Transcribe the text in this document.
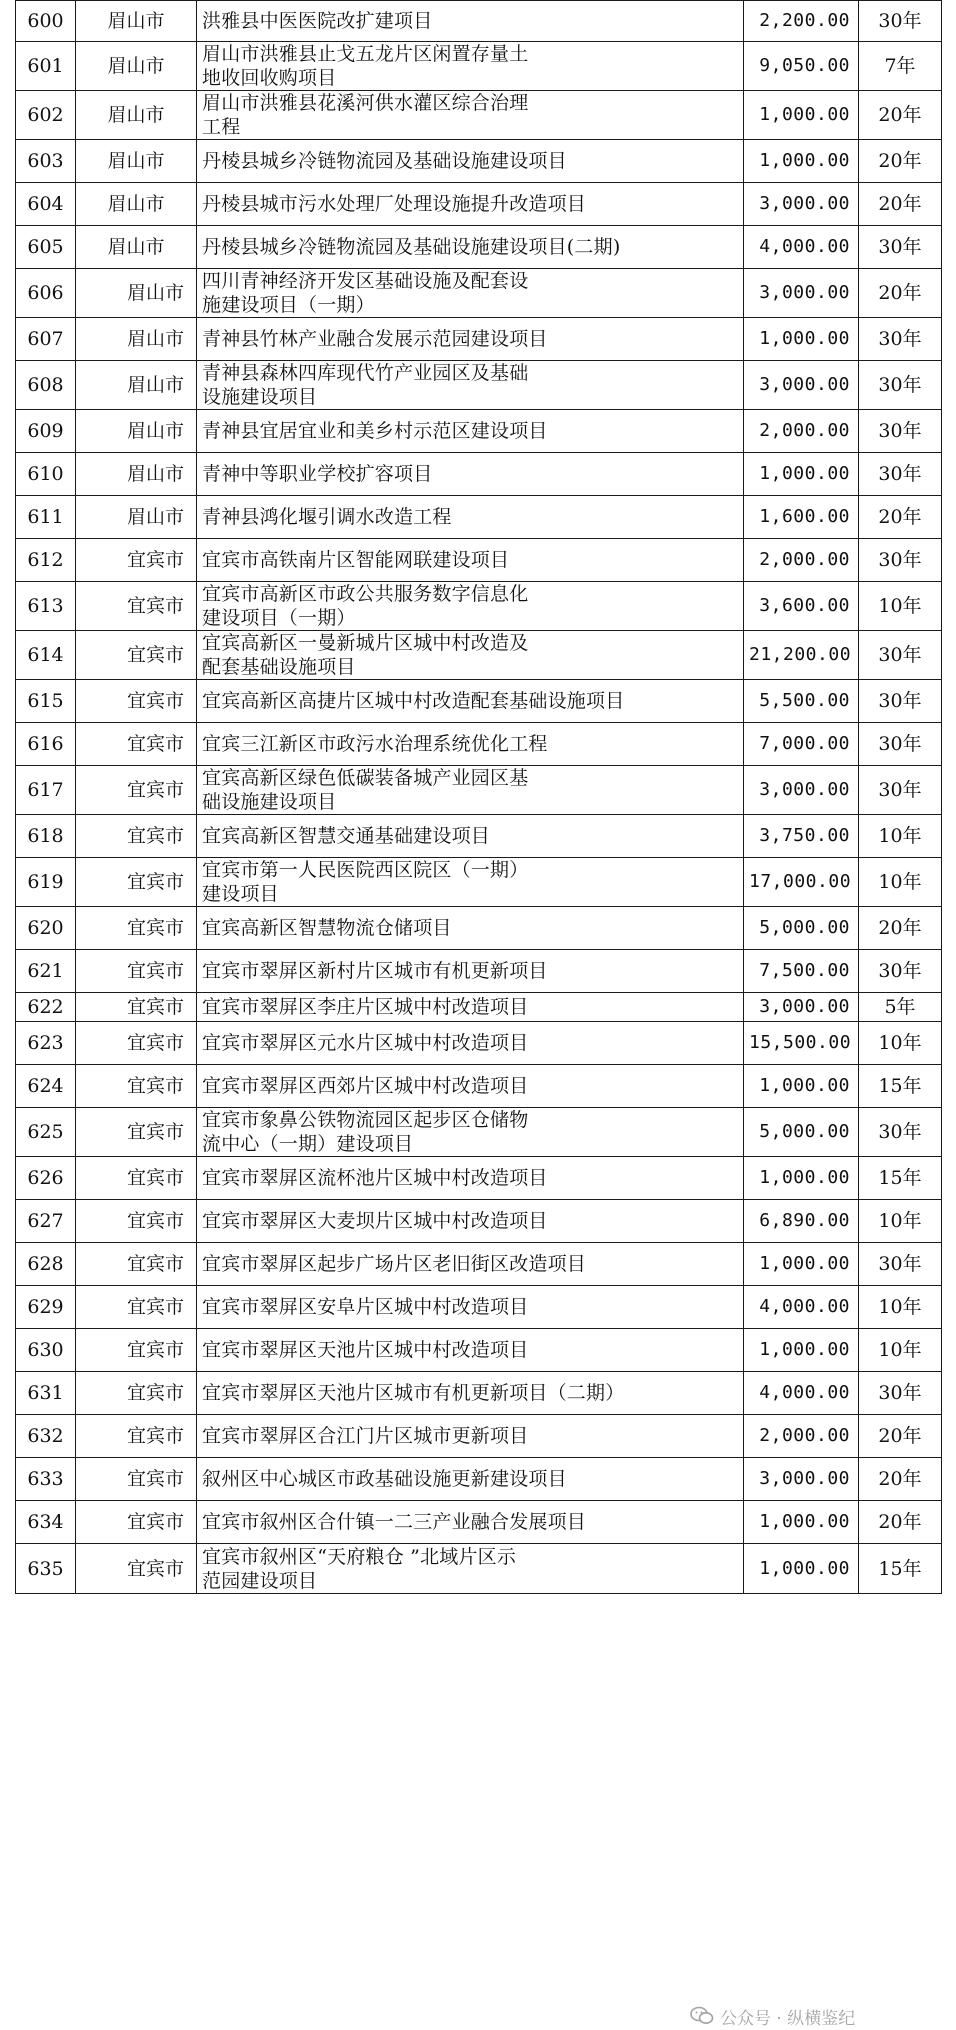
600	眉山市	洪雅县中医医院改扩建项目	2,200.00	30年
601	眉山市	眉山市洪雅县止戈五龙片区闲置存量土
地收回收购项目	9,050.00	7年
602	眉山市	眉山市洪雅县花溪河供水灌区综合治理
工程	1,000.00	20年
603	眉山市	丹棱县城乡冷链物流园及基础设施建设项目	1,000.00	20年
604	眉山市	丹棱县城市污水处理厂处理设施提升改造项目	3,000.00	20年
605	眉山市	丹棱县城乡冷链物流园及基础设施建设项目(二期)	4,000.00	30年
606	眉山市	四川青神经济开发区基础设施及配套设
施建设项目（一期）	3,000.00	20年
607	眉山市	青神县竹林产业融合发展示范园建设项目	1,000.00	30年
608	眉山市	青神县森林四库现代竹产业园区及基础
设施建设项目	3,000.00	30年
609	眉山市	青神县宜居宜业和美乡村示范区建设项目	2,000.00	30年
610	眉山市	青神中等职业学校扩容项目	1,000.00	30年
611	眉山市	青神县鸿化堰引调水改造工程	1,600.00	20年
612	宜宾市	宜宾市高铁南片区智能网联建设项目	2,000.00	30年
613	宜宾市	宜宾市高新区市政公共服务数字信息化
建设项目（一期）	3,600.00	10年
614	宜宾市	宜宾高新区一曼新城片区城中村改造及
配套基础设施项目	21,200.00	30年
615	宜宾市	宜宾高新区高捷片区城中村改造配套基础设施项目	5,500.00	30年
616	宜宾市	宜宾三江新区市政污水治理系统优化工程	7,000.00	30年
617	宜宾市	宜宾高新区绿色低碳装备城产业园区基
础设施建设项目	3,000.00	30年
618	宜宾市	宜宾高新区智慧交通基础建设项目	3,750.00	10年
619	宜宾市	宜宾市第一人民医院西区院区（一期）
建设项目	17,000.00	10年
620	宜宾市	宜宾高新区智慧物流仓储项目	5,000.00	20年
621	宜宾市	宜宾市翠屏区新村片区城市有机更新项目	7,500.00	30年
622	宜宾市	宜宾市翠屏区李庄片区城中村改造项目	3,000.00	5年
623	宜宾市	宜宾市翠屏区元水片区城中村改造项目	15,500.00	10年
624	宜宾市	宜宾市翠屏区西郊片区城中村改造项目	1,000.00	15年
625	宜宾市	宜宾市象鼻公铁物流园区起步区仓储物
流中心（一期）建设项目	5,000.00	30年
626	宜宾市	宜宾市翠屏区流杯池片区城中村改造项目	1,000.00	15年
627	宜宾市	宜宾市翠屏区大麦坝片区城中村改造项目	6,890.00	10年
628	宜宾市	宜宾市翠屏区起步广场片区老旧街区改造项目	1,000.00	30年
629	宜宾市	宜宾市翠屏区安阜片区城中村改造项目	4,000.00	10年
630	宜宾市	宜宾市翠屏区天池片区城中村改造项目	1,000.00	10年
631	宜宾市	宜宾市翠屏区天池片区城市有机更新项目（二期）	4,000.00	30年
632	宜宾市	宜宾市翠屏区合江门片区城市更新项目	2,000.00	20年
633	宜宾市	叙州区中心城区市政基础设施更新建设项目	3,000.00	20年
634	宜宾市	宜宾市叙州区合什镇一二三产业融合发展项目	1,000.00	20年
635	宜宾市	宜宾市叙州区“天府粮仓 ”北域片区示
范园建设项目	1,000.00	15年
公众号 · 纵横鉴纪
